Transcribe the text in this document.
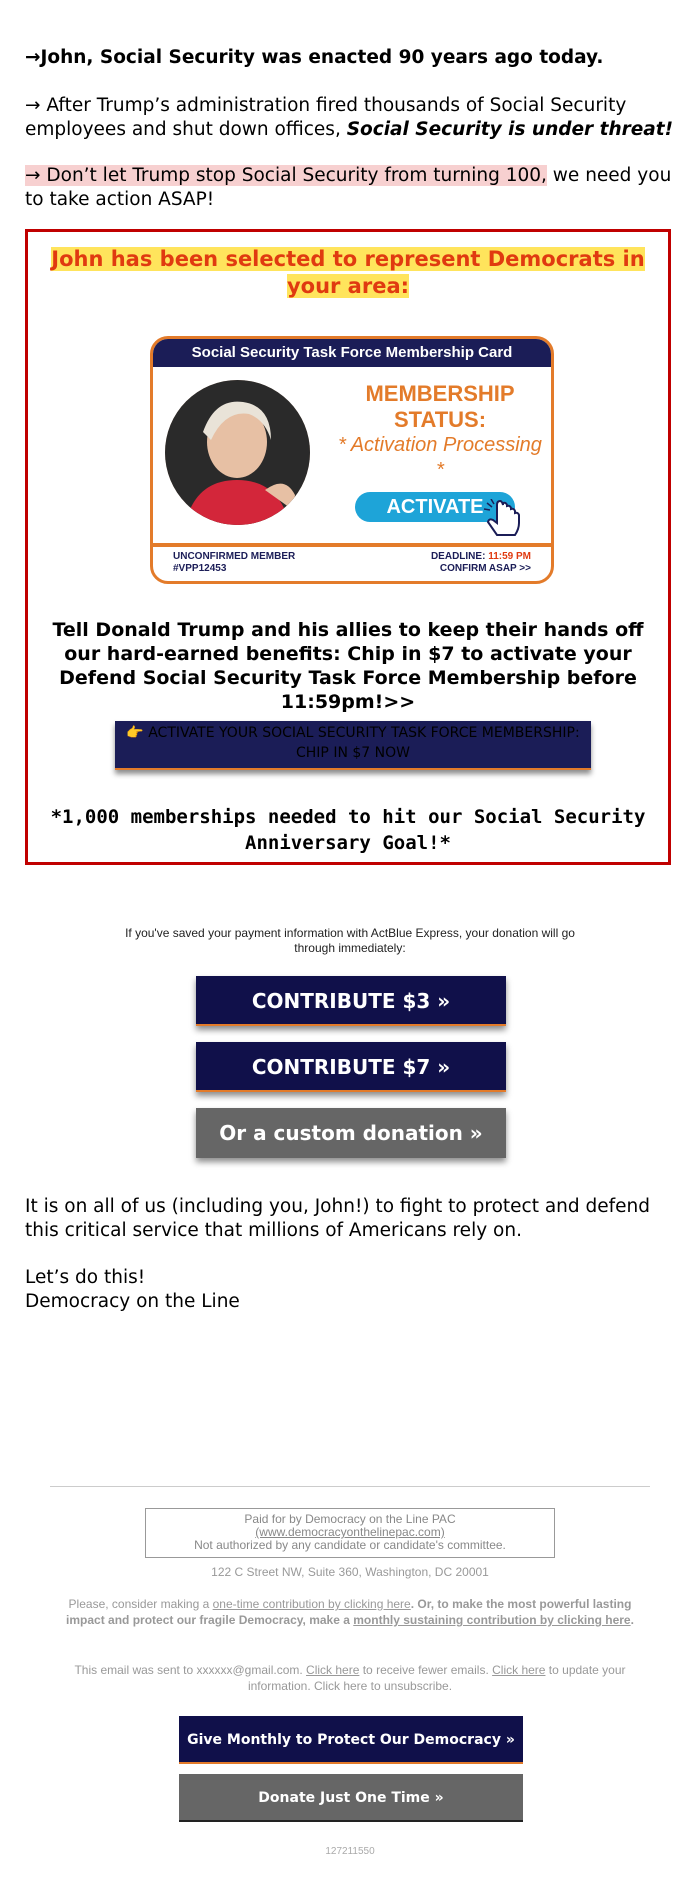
→John, Social Security was enacted 90 years ago today.

→ After Trump’s administration fired thousands of Social Security employees and shut down offices, Social Security is under threat!

→ Don’t let Trump stop Social Security from turning 100, we need you to take action ASAP!

John has been selected to represent Democrats in your area:
Social Security Task Force Membership Card
MEMBERSHIP STATUS:
* Activation Processing *
ACTIVATE
UNCONFIRMED MEMBER
#VPP12453
DEADLINE: 11:59 PM
CONFIRM ASAP >>
Tell Donald Trump and his allies to keep their hands off our hard-earned benefits: Chip in $7 to activate your Defend Social Security Task Force Membership before 11:59pm!>>
👉 ACTIVATE YOUR SOCIAL SECURITY TASK FORCE MEMBERSHIP: CHIP IN $7 NOW
*1,000 memberships needed to hit our Social Security Anniversary Goal!*
If you've saved your payment information with ActBlue Express, your donation will go through immediately:
CONTRIBUTE $3 »
CONTRIBUTE $7 »
Or a custom donation »

It is on all of us (including you, John!) to fight to protect and defend this critical service that millions of Americans rely on.

Let’s do this!
Democracy on the Line
Paid for by Democracy on the Line PAC
(www.democracyonthelinepac.com)
Not authorized by any candidate or candidate's committee.
122 C Street NW, Suite 360, Washington, DC 20001
Please, consider making a one-time contribution by clicking here. Or, to make the most powerful lasting impact and protect our fragile Democracy, make a monthly sustaining contribution by clicking here.
This email was sent to xxxxxx@gmail.com. Click here to receive fewer emails. Click here to update your information. Click here to unsubscribe.
Give Monthly to Protect Our Democracy »
Donate Just One Time »
127211550
